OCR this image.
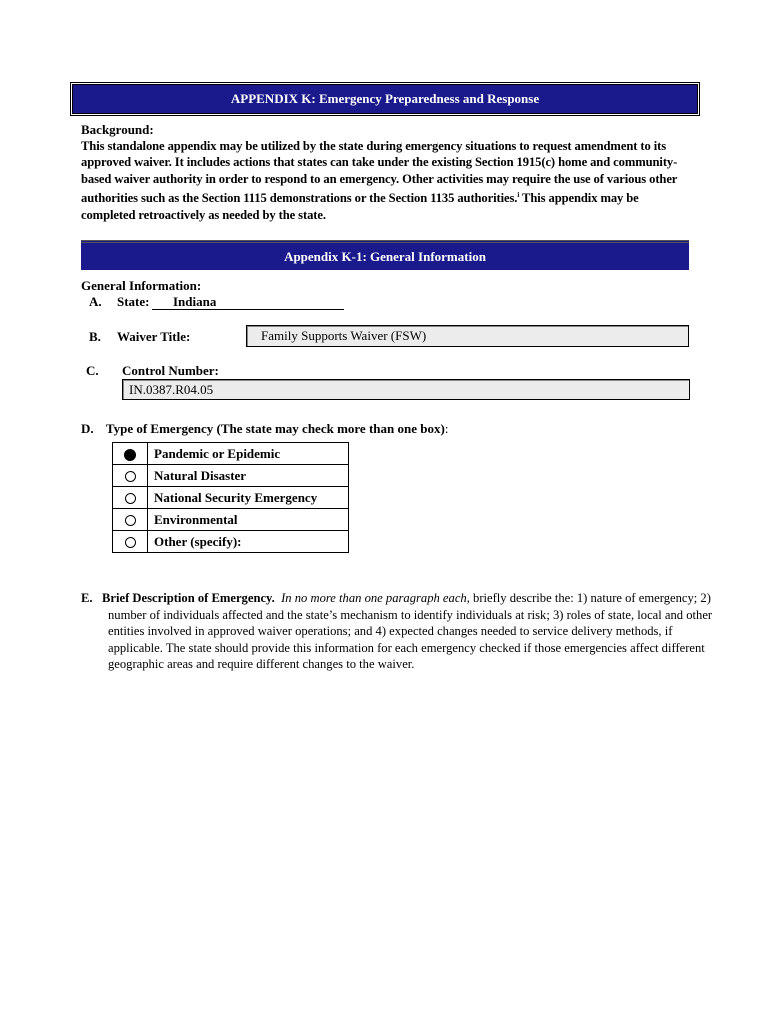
APPENDIX K: Emergency Preparedness and Response
Background:
This standalone appendix may be utilized by the state during emergency situations to request amendment to its approved waiver. It includes actions that states can take under the existing Section 1915(c) home and community-based waiver authority in order to respond to an emergency. Other activities may require the use of various other authorities such as the Section 1115 demonstrations or the Section 1135 authorities.$^i$ This appendix may be completed retroactively as needed by the state.
Appendix K-1: General Information
General Information:
A. State: Indiana
B. Waiver Title:	Family Supports Waiver (FSW)
C. Control Number:
IN.0387.R04.05
D. Type of Emergency (The state may check more than one box):
	Pandemic or Epidemic
	Natural Disaster
	National Security Emergency
	Environmental
	Other (specify):
E. Brief Description of Emergency. In no more than one paragraph each, briefly describe the: 1) nature of emergency; 2) number of individuals affected and the state’s mechanism to identify individuals at risk; 3) roles of state, local and other entities involved in approved waiver operations; and 4) expected changes needed to service delivery methods, if applicable. The state should provide this information for each emergency checked if those emergencies affect different geographic areas and require different changes to the waiver.
